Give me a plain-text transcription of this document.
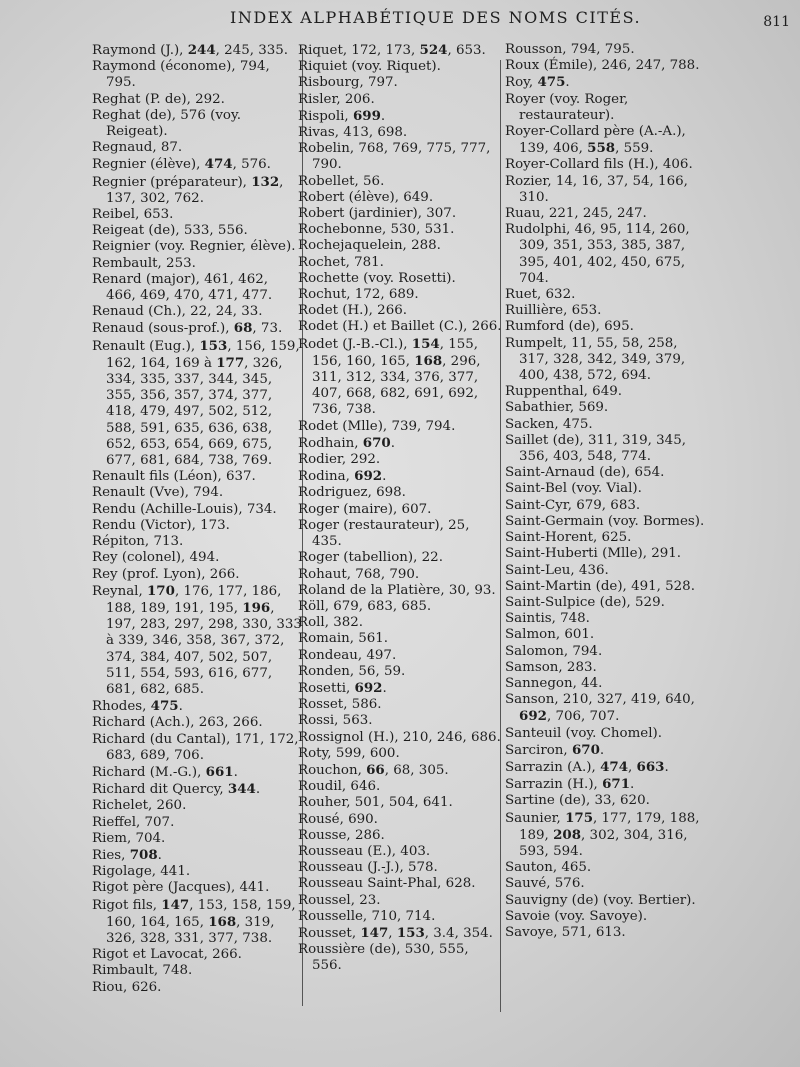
INDEX ALPHABÉTIQUE DES NOMS CITÉS.	811
Raymond (J.), 244, 245, 335.
Raymond (économe), 794, 795.
Reghat (P. de), 292.
Reghat (de), 576 (voy. Reigeat).
Regnaud, 87.
Regnier (élève), 474, 576.
Regnier (préparateur), 132, 137, 302, 762.
Reibel, 653.
Reigeat (de), 533, 556.
Reignier (voy. Regnier, élève).
Rembault, 253.
Renard (major), 461, 462, 466, 469, 470, 471, 477.
Renaud (Ch.), 22, 24, 33.
Renaud (sous-prof.), 68, 73.
Renault (Eug.), 153, 156, 159, 162, 164, 169 à 177, 326, 334, 335, 337, 344, 345, 355, 356, 357, 374, 377, 418, 479, 497, 502, 512, 588, 591, 635, 636, 638, 652, 653, 654, 669, 675, 677, 681, 684, 738, 769.
Renault fils (Léon), 637.
Renault (Vve), 794.
Rendu (Achille-Louis), 734.
Rendu (Victor), 173.
Répiton, 713.
Rey (colonel), 494.
Rey (prof. Lyon), 266.
Reynal, 170, 176, 177, 186, 188, 189, 191, 195, 196, 197, 283, 297, 298, 330, 333 à 339, 346, 358, 367, 372, 374, 384, 407, 502, 507, 511, 554, 593, 616, 677, 681, 682, 685.
Rhodes, 475.
Richard (Ach.), 263, 266.
Richard (du Cantal), 171, 172, 683, 689, 706.
Richard (M.-G.), 661.
Richard dit Quercy, 344.
Richelet, 260.
Rieffel, 707.
Riem, 704.
Ries, 708.
Rigolage, 441.
Rigot père (Jacques), 441.
Rigot fils, 147, 153, 158, 159, 160, 164, 165, 168, 319, 326, 328, 331, 377, 738.
Rigot et Lavocat, 266.
Rimbault, 748.
Riou, 626.
Riquet, 172, 173, 524, 653.
Riquiet (voy. Riquet).
Risbourg, 797.
Risler, 206.
Rispoli, 699.
Rivas, 413, 698.
Robelin, 768, 769, 775, 777, 790.
Robellet, 56.
Robert (élève), 649.
Robert (jardinier), 307.
Rochebonne, 530, 531.
Rochejaquelein, 288.
Rochet, 781.
Rochette (voy. Rosetti).
Rochut, 172, 689.
Rodet (H.), 266.
Rodet (H.) et Baillet (C.), 266.
Rodet (J.-B.-Cl.), 154, 155, 156, 160, 165, 168, 296, 311, 312, 334, 376, 377, 407, 668, 682, 691, 692, 736, 738.
Rodet (Mlle), 739, 794.
Rodhain, 670.
Rodier, 292.
Rodina, 692.
Rodriguez, 698.
Roger (maire), 607.
Roger (restaurateur), 25, 435.
Roger (tabellion), 22.
Rohaut, 768, 790.
Roland de la Platière, 30, 93.
Röll, 679, 683, 685.
Roll, 382.
Romain, 561.
Rondeau, 497.
Ronden, 56, 59.
Rosetti, 692.
Rosset, 586.
Rossi, 563.
Rossignol (H.), 210, 246, 686.
Roty, 599, 600.
Rouchon, 66, 68, 305.
Roudil, 646.
Rouher, 501, 504, 641.
Rousé, 690.
Rousse, 286.
Rousseau (E.), 403.
Rousseau (J.-J.), 578.
Rousseau Saint-Phal, 628.
Roussel, 23.
Rousselle, 710, 714.
Rousset, 147, 153, 3.4, 354.
Roussière (de), 530, 555, 556.
Rousson, 794, 795.
Roux (Émile), 246, 247, 788.
Roy, 475.
Royer (voy. Roger, restaurateur).
Royer-Collard père (A.-A.), 139, 406, 558, 559.
Royer-Collard fils (H.), 406.
Rozier, 14, 16, 37, 54, 166, 310.
Ruau, 221, 245, 247.
Rudolphi, 46, 95, 114, 260, 309, 351, 353, 385, 387, 395, 401, 402, 450, 675, 704.
Ruet, 632.
Ruillière, 653.
Rumford (de), 695.
Rumpelt, 11, 55, 58, 258, 317, 328, 342, 349, 379, 400, 438, 572, 694.
Ruppenthal, 649.
Sabathier, 569.
Sacken, 475.
Saillet (de), 311, 319, 345, 356, 403, 548, 774.
Saint-Arnaud (de), 654.
Saint-Bel (voy. Vial).
Saint-Cyr, 679, 683.
Saint-Germain (voy. Bormes).
Saint-Horent, 625.
Saint-Huberti (Mlle), 291.
Saint-Leu, 436.
Saint-Martin (de), 491, 528.
Saint-Sulpice (de), 529.
Saintis, 748.
Salmon, 601.
Salomon, 794.
Samson, 283.
Sannegon, 44.
Sanson, 210, 327, 419, 640, 692, 706, 707.
Santeuil (voy. Chomel).
Sarciron, 670.
Sarrazin (A.), 474, 663.
Sarrazin (H.), 671.
Sartine (de), 33, 620.
Saunier, 175, 177, 179, 188, 189, 208, 302, 304, 316, 593, 594.
Sauton, 465.
Sauvé, 576.
Sauvigny (de) (voy. Bertier).
Savoie (voy. Savoye).
Savoye, 571, 613.
